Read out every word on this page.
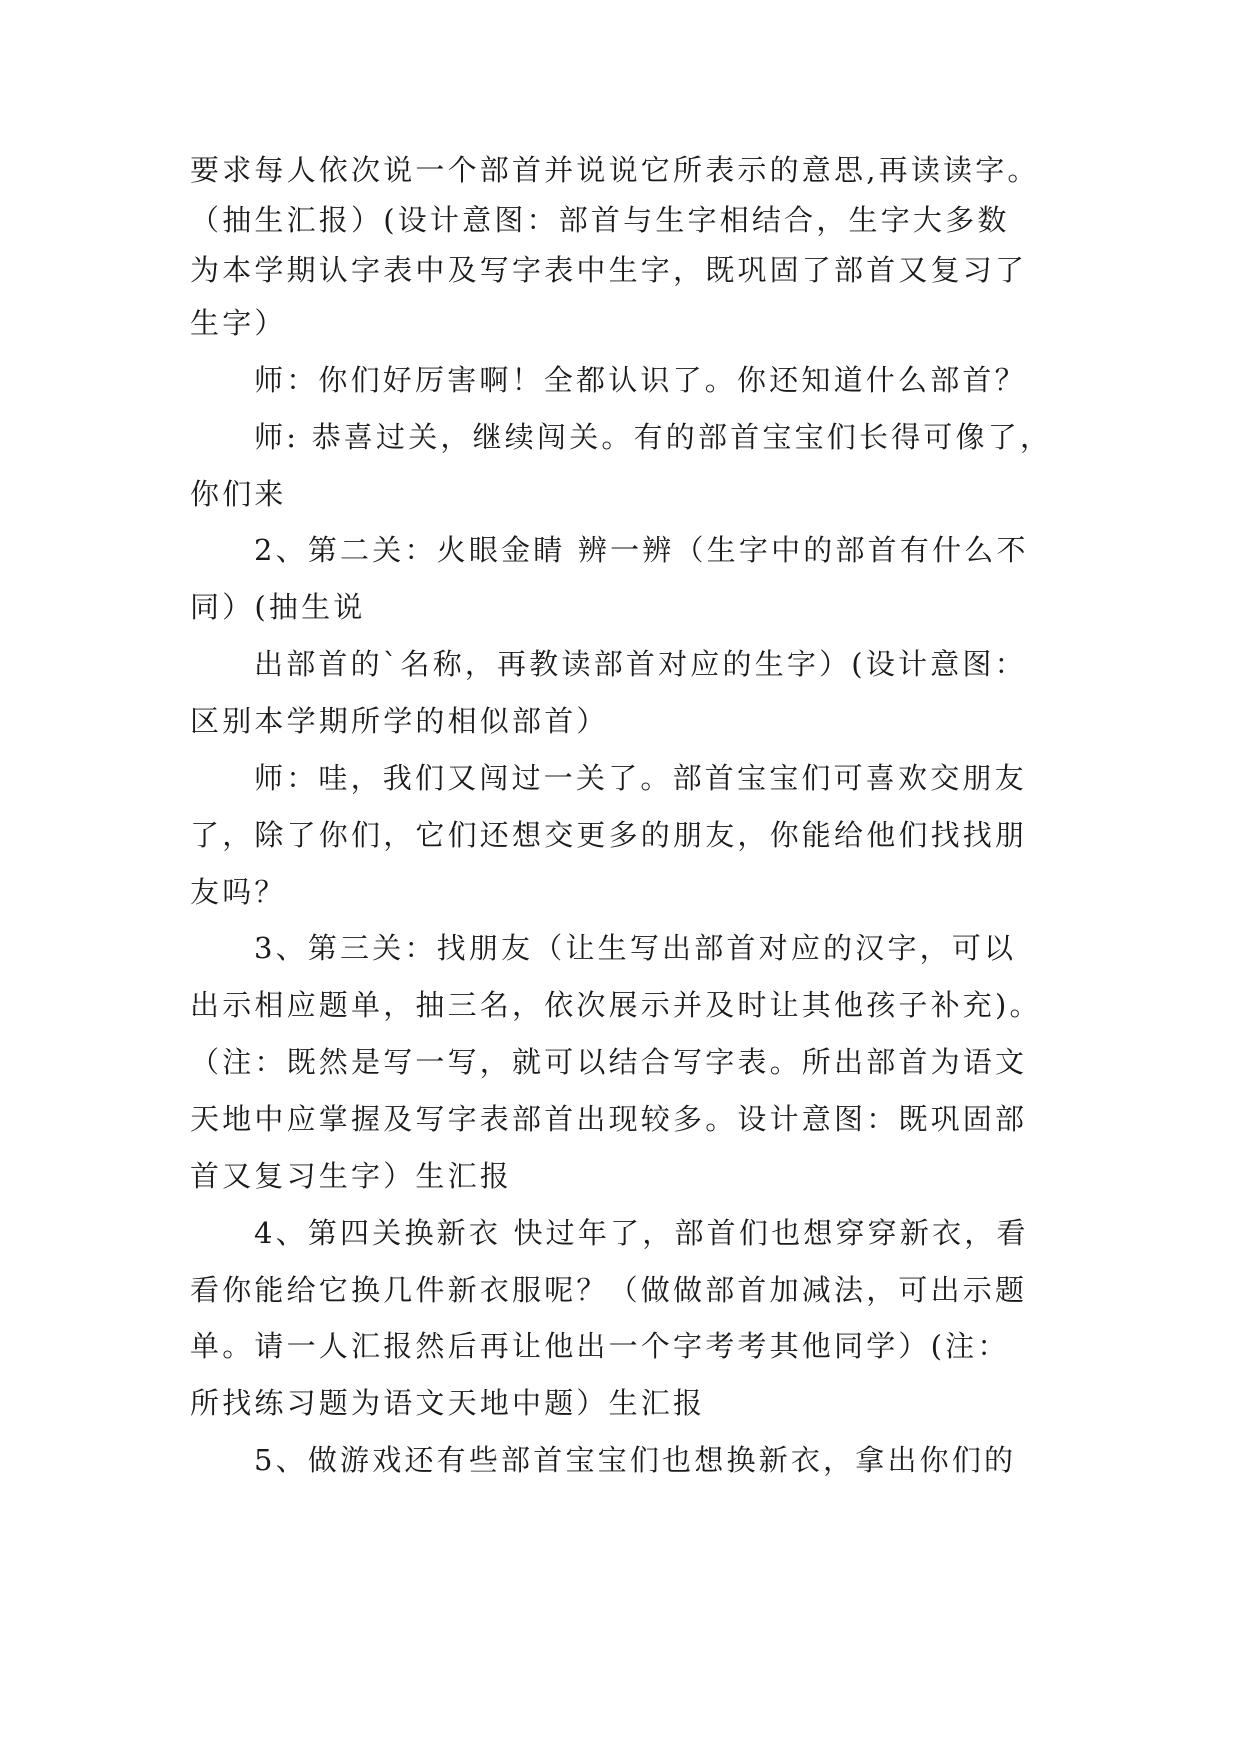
要求每人依次说一个部首并说说它所表示的意思,再读读字。
（抽生汇报）(设计意图：部首与生字相结合，生字大多数
为本学期认字表中及写字表中生字，既巩固了部首又复习了
生字）
师：你们好厉害啊！全都认识了。你还知道什么部首？
师: 恭喜过关，继续闯关。有的部首宝宝们长得可像了，
你们来
2、第二关：火眼金睛 辨一辨（生字中的部首有什么不
同）(抽生说
出部首的`名称，再教读部首对应的生字）(设计意图：
区别本学期所学的相似部首）
师：哇，我们又闯过一关了。部首宝宝们可喜欢交朋友
了，除了你们，它们还想交更多的朋友，你能给他们找找朋
友吗？
3、第三关：找朋友（让生写出部首对应的汉字，可以
出示相应题单，抽三名，依次展示并及时让其他孩子补充)。
（注：既然是写一写，就可以结合写字表。所出部首为语文
天地中应掌握及写字表部首出现较多。设计意图：既巩固部
首又复习生字）生汇报
4、第四关换新衣 快过年了，部首们也想穿穿新衣，看
看你能给它换几件新衣服呢？（做做部首加减法，可出示题
单。请一人汇报然后再让他出一个字考考其他同学）(注：
所找练习题为语文天地中题）生汇报
5、做游戏还有些部首宝宝们也想换新衣，拿出你们的
